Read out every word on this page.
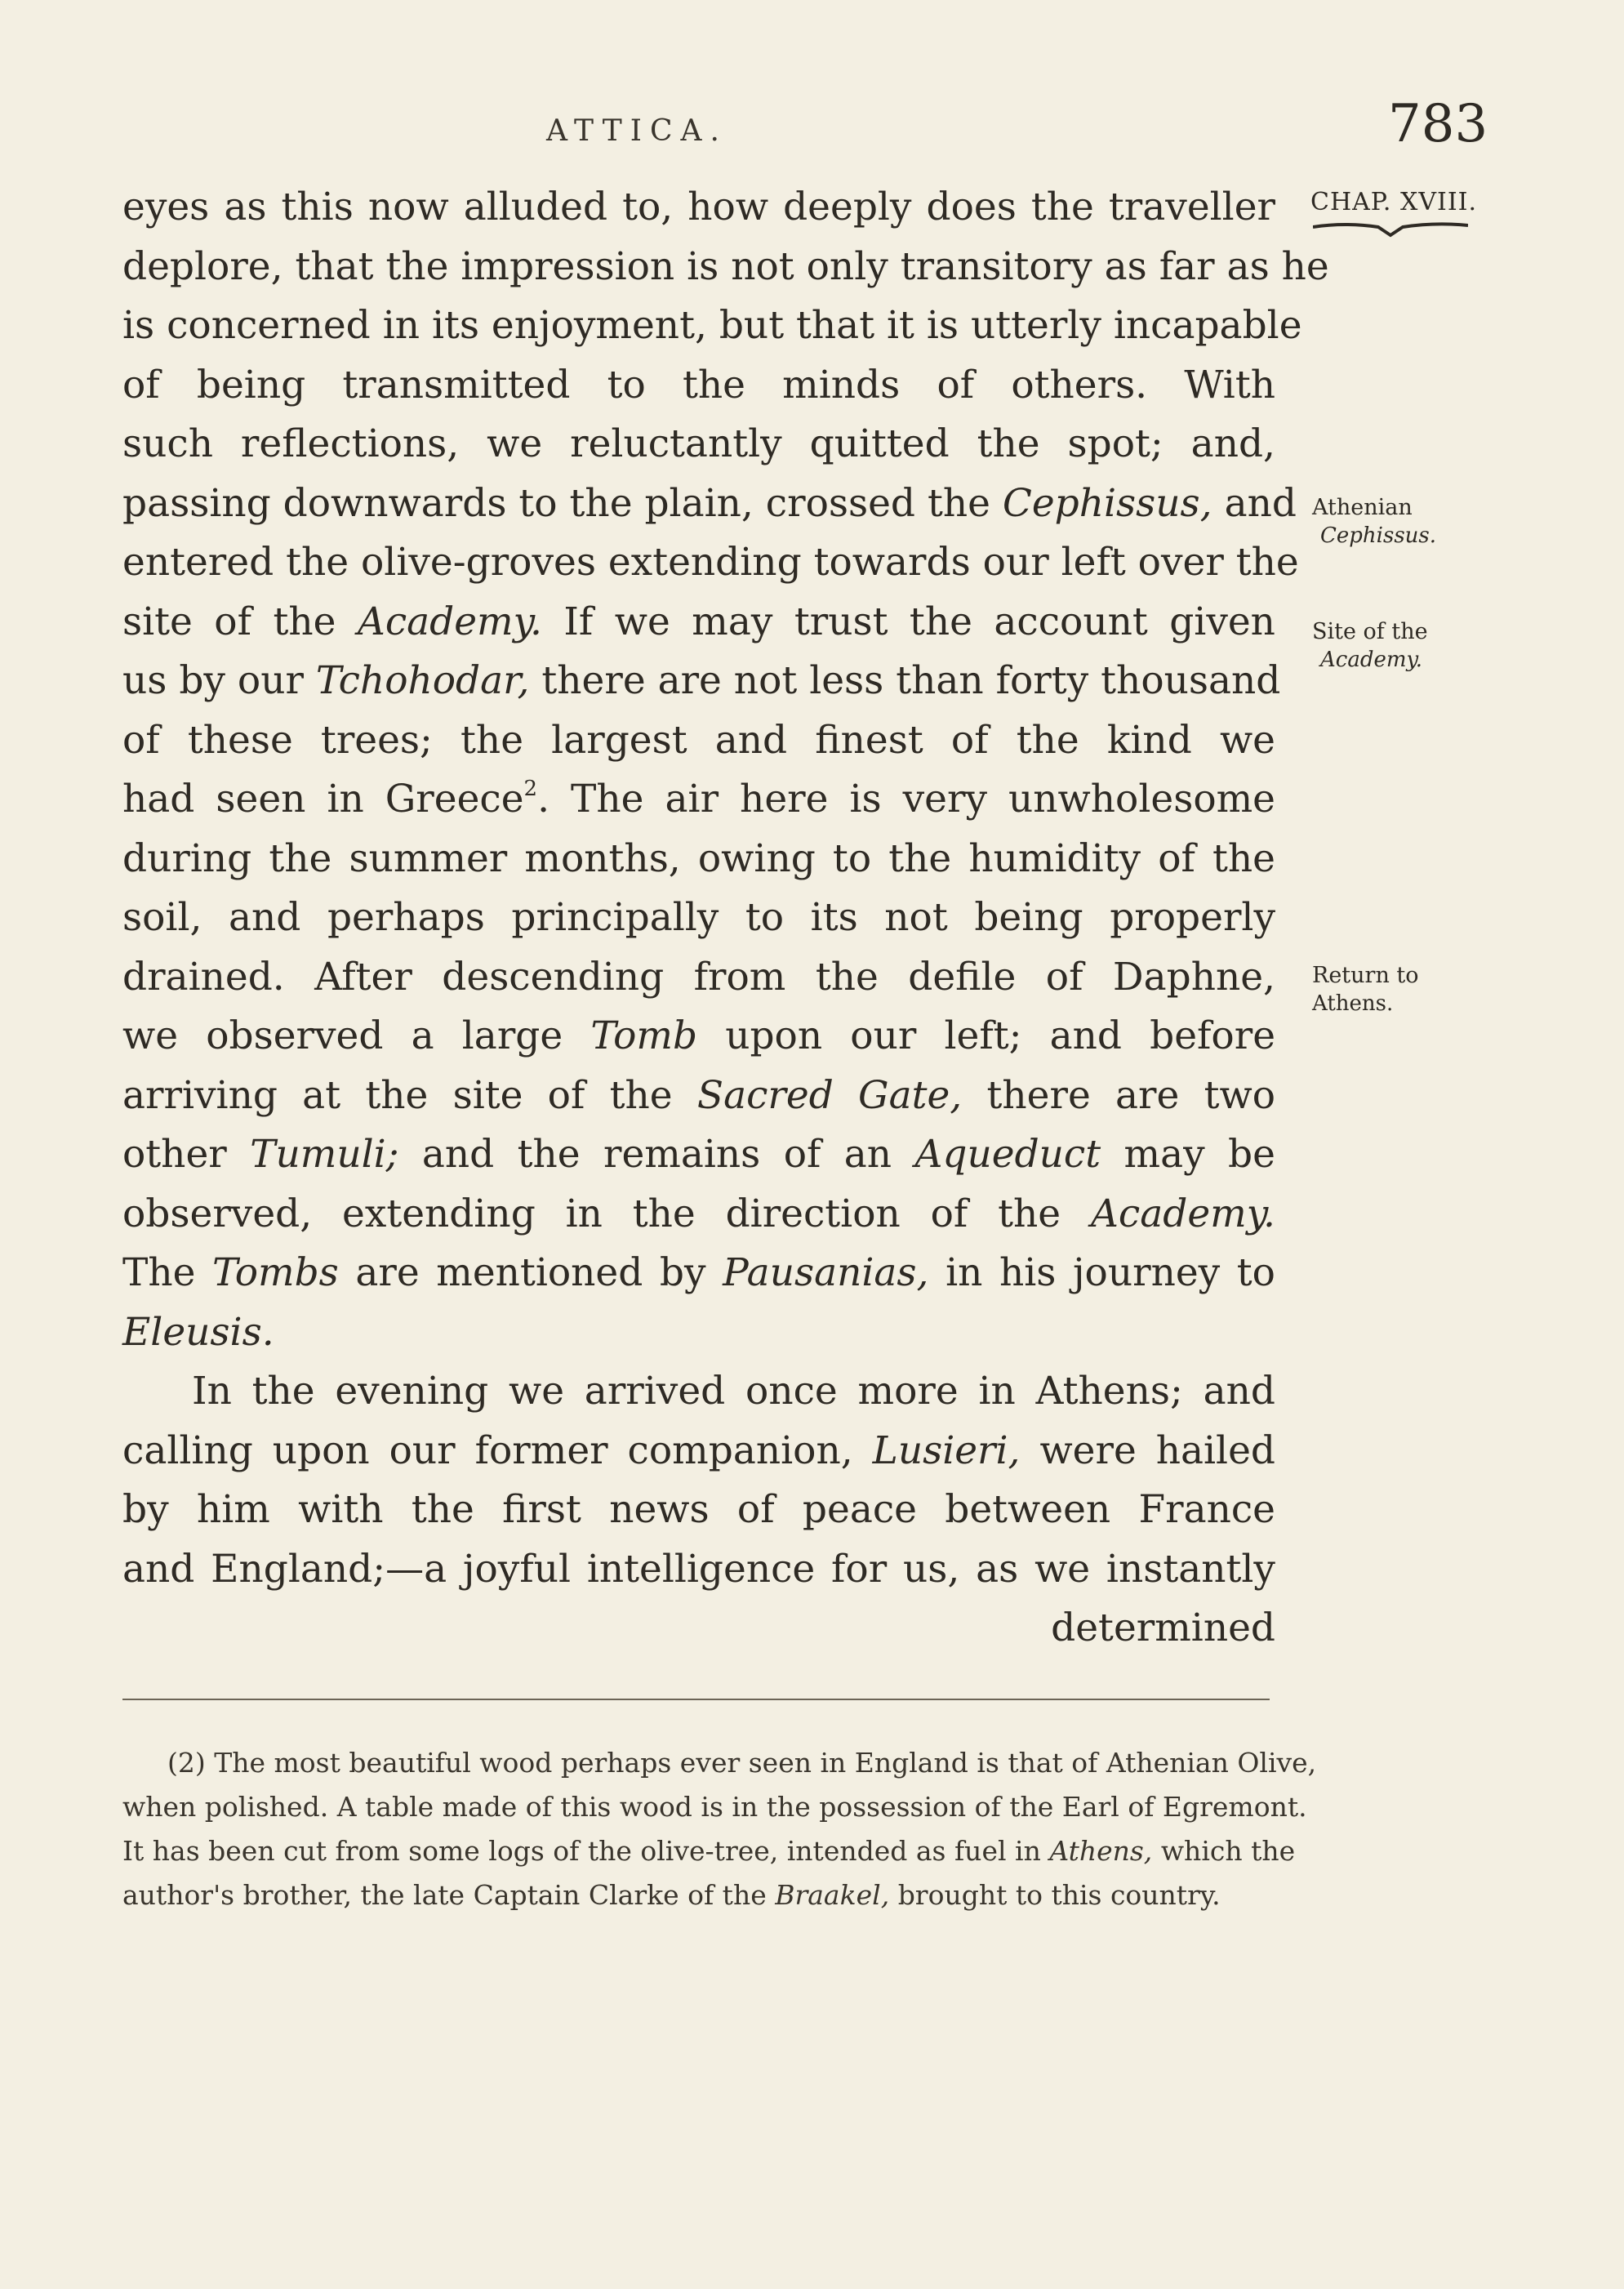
ATTICA.	783
CHAP. XVIII.
Athenian
Cephissus.
Site of the
Academy.
Return to
Athens.
eyes as this now alluded to, how deeply does the traveller
deplore, that the impression is not only transitory as far as he
is concerned in its enjoyment, but that it is utterly incapable
of being transmitted to the minds of others. With
such reflections, we reluctantly quitted the spot; and,
passing downwards to the plain, crossed the Cephissus, and
entered the olive-groves extending towards our left over the
site of the Academy. If we may trust the account given
us by our Tchohodar, there are not less than forty thousand
of these trees; the largest and finest of the kind we
had seen in Greece$^2$. The air here is very unwholesome
during the summer months, owing to the humidity of the
soil, and perhaps principally to its not being properly
drained. After descending from the defile of Daphne,
we observed a large Tomb upon our left; and before
arriving at the site of the Sacred Gate, there are two
other Tumuli; and the remains of an Aqueduct may be
observed, extending in the direction of the Academy.
The Tombs are mentioned by Pausanias, in his journey to
Eleusis.
In the evening we arrived once more in Athens; and
calling upon our former companion, Lusieri, were hailed
by him with the first news of peace between France
and England;—a joyful intelligence for us, as we instantly
determined
(2) The most beautiful wood perhaps ever seen in England is that of Athenian Olive,
when polished. A table made of this wood is in the possession of the Earl of Egremont.
It has been cut from some logs of the olive-tree, intended as fuel in Athens, which the
author's brother, the late Captain Clarke of the Braakel, brought to this country.
